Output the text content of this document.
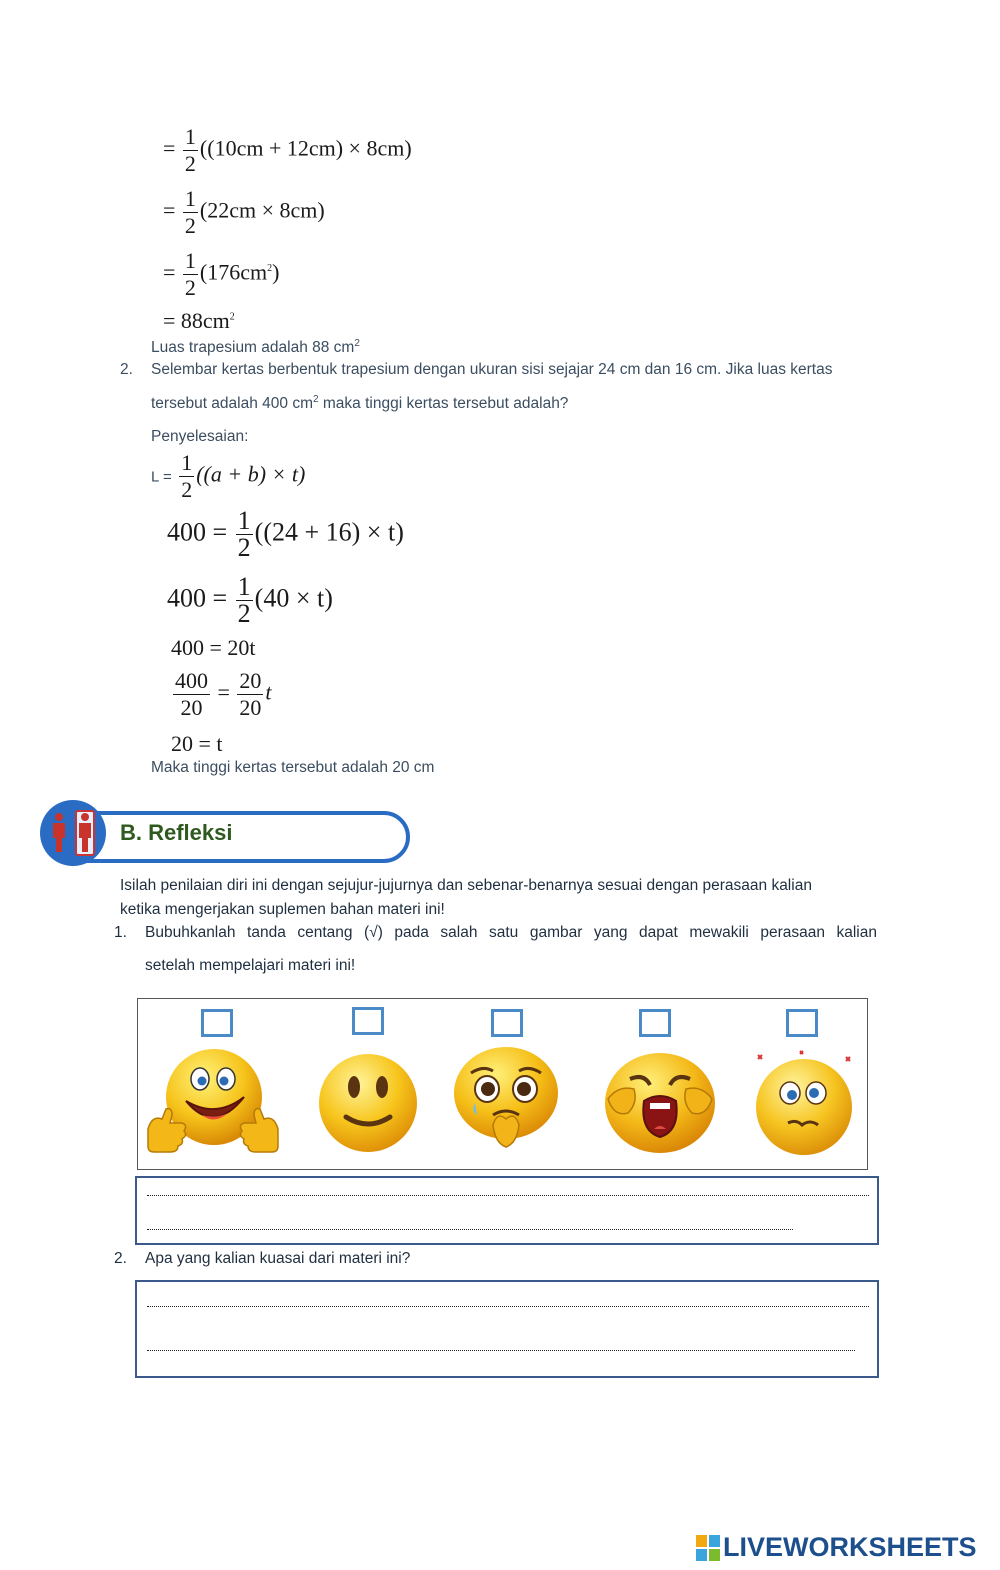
= $\frac{1}{2} ((10cm + 12cm) \times 8cm)$
= $\frac{1}{2} (22cm \times 8cm)$
= $\frac{1}{2} (176cm^2)$
= $88cm^2$
Luas trapesium adalah 88 $cm^2$
2. Selembar kertas berbentuk trapesium dengan ukuran sisi sejajar 24 cm dan 16 cm. Jika luas kertas
tersebut adalah 400 $cm^2$ maka tinggi kertas tersebut adalah?
Penyelesaian:
$L = \frac{1}{2} ((a + b) \times t)$
$400 = \frac{1}{2} ((24 + 16) \times t)$
$400 = \frac{1}{2} (40 \times t)$
400 = 20t
$\frac{400}{20} = \frac{20}{20}$ t
20 = t
Maka tinggi kertas tersebut adalah 20 cm
B. Refleksi
Isilah penilaian diri ini dengan sejujur-jujurnya dan sebenar-benarnya sesuai dengan perasaan kalian
ketika mengerjakan suplemen bahan materi ini!
1. Bubuhkanlah tanda centang (√) pada salah satu gambar yang dapat mewakili perasaan kalian
setelah mempelajari materi ini!
2. Apa yang kalian kuasai dari materi ini?
LIVEWORKSHEETS
